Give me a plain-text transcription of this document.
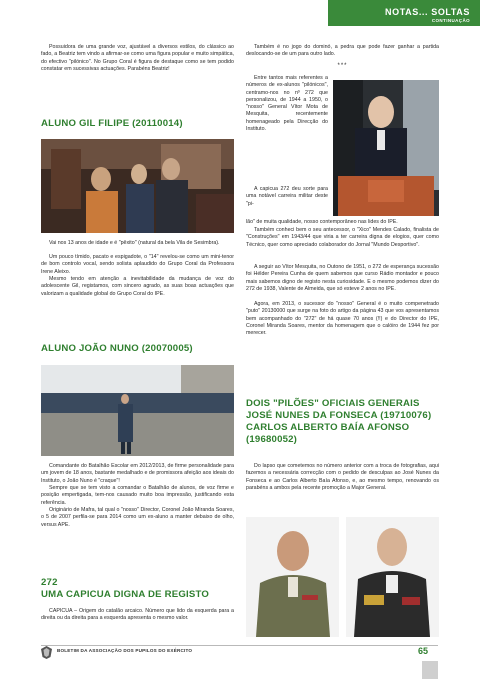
NOTAS... SOLTAS
CONTINUAÇÃO

Possuidora de uma grande voz, ajustável a diversos estilos, do clássico ao fado, a Beatriz tem vindo a afirmar-se como uma figura popular e muito simpática, do efectivo "pilónico". No Grupo Coral é figura de destaque como se tem podido constatar em sucessivas actuações. Parabéns Beatriz!

ALUNO GIL FILIPE (20110014)

Vai nos 13 anos de idade e é "pêxito" (natural da bela Vila de Sesimbra).

Um pouco tímido, pacato e espigadote, o "14" revelou-se como um mini-tenor de bom controlo vocal, sendo solista aplaudido do Grupo Coral da Professora Irene Aleixo.

Mesmo tendo em atenção a inevitabilidade da mudança de voz do adolescente Gil, registamos, com sincero agrado, as suas boas actuações que valorizam a qualidade global do Grupo Coral do IPE.

ALUNO JOÃO NUNO (20070005)

Comandante do Batalhão Escolar em 2012/2013, de firme personalidade para um jovem de 18 anos, bastante medalhado e de promissora afeição aos ideais do Instituto, o João Nuno é "craque"!

Sempre que se tem visto a comandar o Batalhão de alunos, de voz firme e posição empertigada, tem-nos causado muito boa impressão, justificando esta referência.

Originário de Mafra, tal qual o "nosso" Director, Coronel João Miranda Soares, o 5 de 2007 perfila-se para 2014 como um ex-aluno a manter debaixo de olho, versus APE.

272
UMA CAPICUA DIGNA DE REGISTO

CAPICUA – Origem do catalão arcaico. Número que lido da esquerda para a direita ou da direita para a esquerda apresenta o mesmo valor.

Também é no jogo do dominó, a pedra que pode fazer ganhar a partida deslocando-se de um para outro lado.

***

Entre tantos mais referentes a números de ex-alunos "pilónicos", centramo-nos no nº 272 que personalizou, de 1944 a 1950, o "nosso" General Vítor Mota de Mesquita, recentemente homenageado pela Direcção do Instituto.

A capicua 272 deu sorte para uma notável carreira militar deste "pi-

lão" de muita qualidade, nosso contemporâneo nas lides do IPE.

Também conheci bem o seu antecessor, o "Xico" Mendes Calado, finalista de "Construções" em 1943/44 que viria a ter carreira digna de elogios, quer como Técnico, quer como apreciado colaborador do Jornal "Mundo Desportivo".

A seguir ao Vítor Mesquita, no Outono de 1951, o 272 de esperança sucessão foi Hélder Pereira Cunha de quem sabemos que curso Rádio montador e pouco mais sabemos digno de registo nesta curiosidade. E o mesmo podemos dizer do 272 de 1938, Valente de Almeida, que só esteve 2 anos no IPE.

Agora, em 2013, o sucessor do "nosso" General é o muito compenetrado "puto" 20130000 que surge na foto do artigo da página 43 que vos apresentamos bem acompanhado do "272" de há quase 70 anos (!!) e do Director do IPE, Coronel Miranda Soares, mentor da homenagem que o calóiro de 1944 fez por merecer.

DOIS "PILÕES" OFICIAIS GENERAIS
JOSÉ NUNES DA FONSECA (19710076)
CARLOS ALBERTO BAÍA AFONSO
(19680052)

Do lapso que cometemos no número anterior com a troca de fotografias, aqui fazemos a necessária correcção com o pedido de desculpas ao José Nunes da Fonseca e ao Carlos Alberto Baía Afonso, e, ao mesmo tempo, renovando os parabéns a ambos pela recente promoção a Major General.

BOLETIM DA ASSOCIAÇÃO DOS PUPILOS DO EXÉRCITO	65
